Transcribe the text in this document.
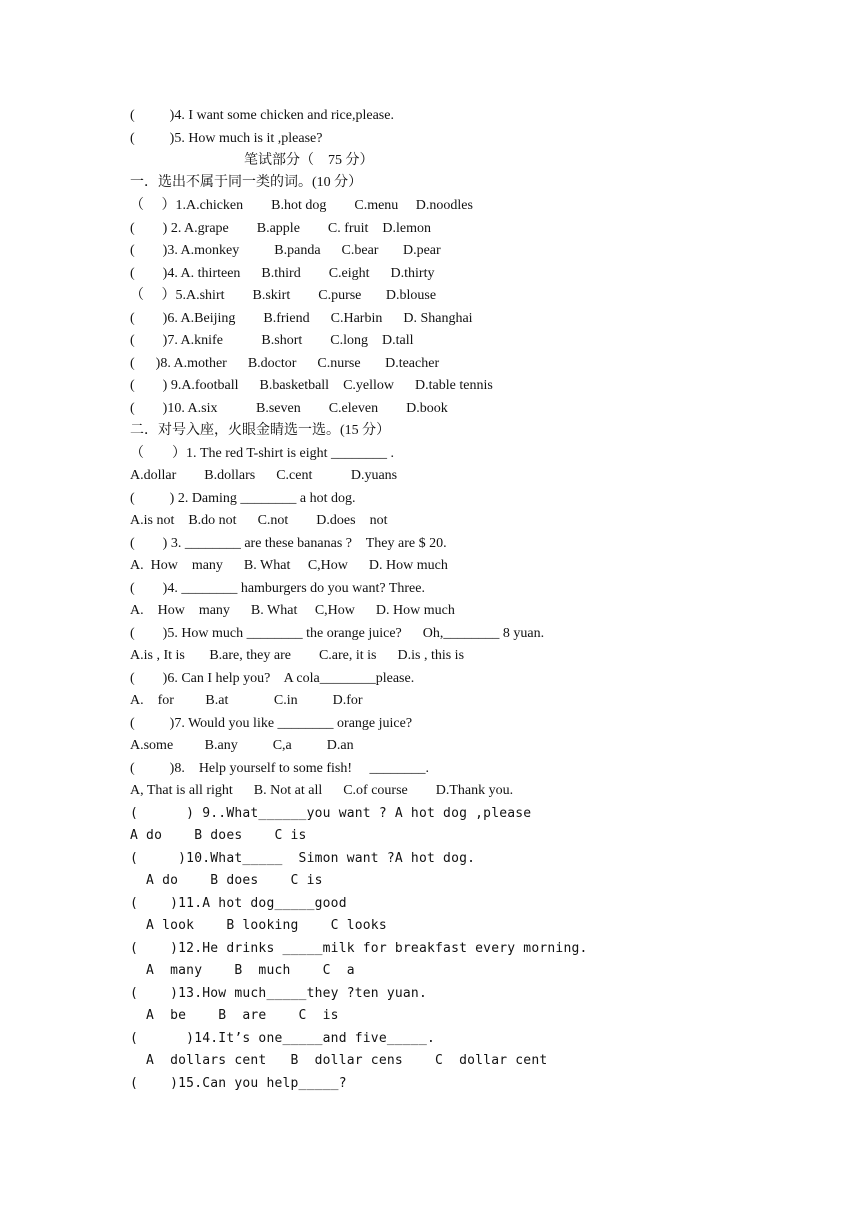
(          )4. I want some chicken and rice,please.
(          )5. How much is it ,please?
笔试部分（    75 分）
一．选出不属于同一类的词。(10 分）
（     ）1.A.chicken        B.hot dog        C.menu     D.noodles
(        ) 2. A.grape        B.apple        C. fruit    D.lemon
(        )3. A.monkey          B.panda      C.bear       D.pear
(        )4. A. thirteen      B.third        C.eight      D.thirty
（     ）5.A.shirt        B.skirt        C.purse       D.blouse
(        )6. A.Beijing        B.friend      C.Harbin      D. Shanghai
(        )7. A.knife           B.short        C.long    D.tall
(      )8. A.mother      B.doctor      C.nurse       D.teacher
(        ) 9.A.football      B.basketball    C.yellow      D.table tennis
(        )10. A.six           B.seven        C.eleven        D.book
二．对号入座，火眼金睛选一选。(15 分）
（        ）1. The red T-shirt is eight ________ .
A.dollar        B.dollars      C.cent           D.yuans
(          ) 2. Daming ________ a hot dog.
A.is not    B.do not      C.not        D.does    not
(        ) 3. ________ are these bananas ?    They are $ 20.
A.  How    many      B. What     C,How      D. How much
(        )4. ________ hamburgers do you want? Three.
A.    How    many      B. What     C,How      D. How much
(        )5. How much ________ the orange juice?      Oh,________ 8 yuan.
A.is , It is       B.are, they are        C.are, it is      D.is , this is
(        )6. Can I help you?    A cola________please.
A.    for         B.at             C.in          D.for
(          )7. Would you like ________ orange juice?
A.some         B.any          C,a          D.an
(          )8.    Help yourself to some fish!     ________.
A, That is all right      B. Not at all      C.of course        D.Thank you.
(      ) 9..What______you want ? A hot dog ,please
A do    B does    C is
(     )10.What_____  Simon want ?A hot dog.
A do    B does    C is
(    )11.A hot dog_____good
A look    B looking    C looks
(    )12.He drinks _____milk for breakfast every morning.
A  many    B  much    C  a
(    )13.How much_____they ?ten yuan.
A  be    B  are    C  is
(      )14.It’s one_____and five_____.
A  dollars cent   B  dollar cens    C  dollar cent
(    )15.Can you help_____?
